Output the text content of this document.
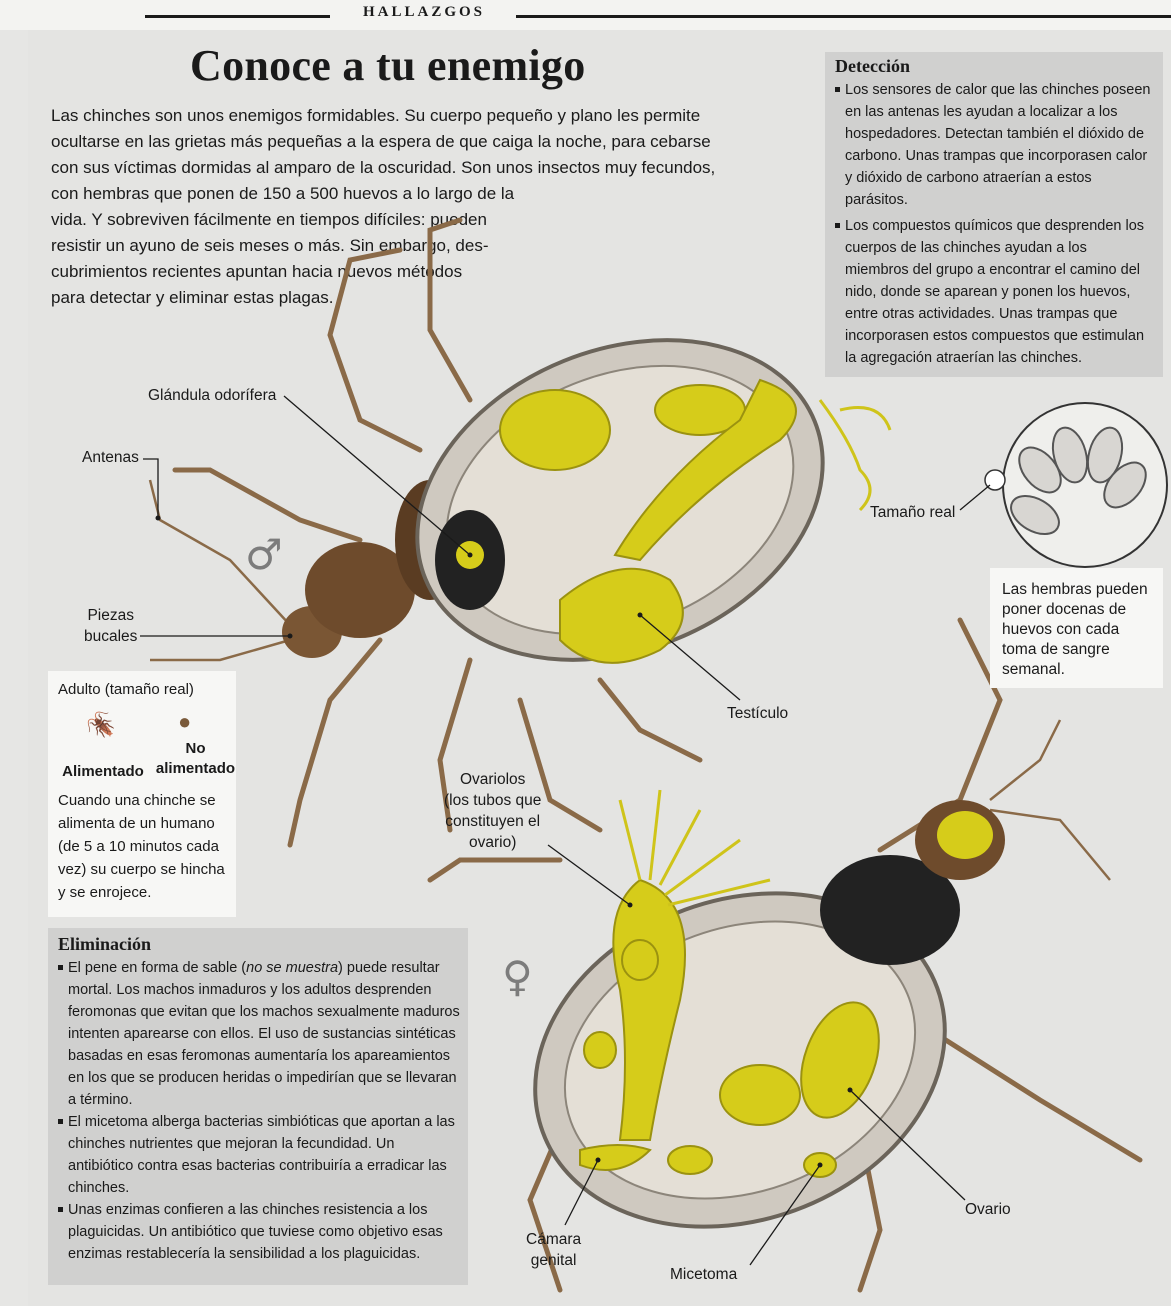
HALLAZGOS
Conoce a tu enemigo

Las chinches son unos enemigos formidables. Su cuerpo pequeño y plano les permite
ocultarse en las grietas más pequeñas a la espera de que caiga la noche, para cebarse
con sus víctimas dormidas al amparo de la oscuridad. Son unos insectos muy fecundos,
con hembras que ponen de 150 a 500 huevos a lo largo de la
vida. Y sobreviven fácilmente en tiempos difíciles: pueden
resistir un ayuno de seis meses o más. Sin embargo, des-
cubrimientos recientes apuntan hacia nuevos métodos
para detectar y eliminar estas plagas.

♂
♀
Detección
Los sensores de calor que las chinches poseen en las antenas les ayudan a localizar a los hospedadores. Detectan también el dióxido de carbono. Unas trampas que incorporasen calor y dióxido de carbono atraerían a estos parásitos.
Los compuestos químicos que desprenden los cuerpos de las chinches ayudan a los miembros del grupo a encontrar el camino del nido, donde se aparean y ponen los huevos, entre otras actividades. Unas trampas que incorporasen estos compuestos que estimulan la agregación atraerían las chinches.
Eliminación
El pene en forma de sable (no se muestra) puede resultar mortal. Los machos inmaduros y los adultos desprenden feromonas que evitan que los machos sexualmente maduros intenten aparearse con ellos. El uso de sustancias sintéticas basadas en esas feromonas aumentaría los apareamientos en los que se producen heridas o impedirían que se llevaran a término.
El micetoma alberga bacterias simbióticas que aportan a las chinches nutrientes que mejoran la fecundidad. Un antibiótico contra esas bacterias contribuiría a erradicar las chinches.
Unas enzimas confieren a las chinches resistencia a los plaguicidas. Un antibiótico que tuviese como objetivo esas enzimas restablecería la sensibilidad a los plaguicidas.
Adulto (tamaño real)
🪳	●
Alimentado
No
alimentado
Cuando una chinche se alimenta de un humano (de 5 a 10 minutos cada vez) su cuerpo se hincha y se enrojece.
Las hembras pueden poner docenas de huevos con cada toma de sangre semanal.
Tamaño real
Glándula odorífera
Antenas
Piezas
bucales
Testículo
Ovariolos
(los tubos que
constituyen el
ovario)
Cámara
genital
Micetoma
Ovario
